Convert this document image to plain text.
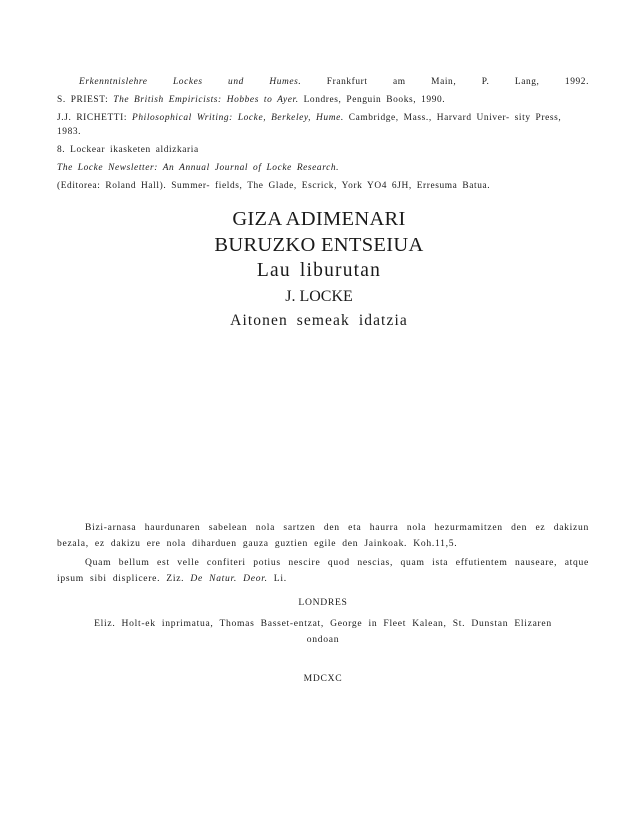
Erkenntnislehre Lockes und Humes.	Frankfurt am Main, P. Lang, 1992.

S. PRIEST: The British Empiricists: Hobbes to Ayer. Londres, Penguin Books, 1990.

J.J. RICHETTI: Philosophical Writing: Locke, Berkeley, Hume. Cambridge, Mass., Harvard Univer- sity Press, 1983.

8. Lockear ikasketen aldizkaria

The Locke Newsletter: An Annual Journal of Locke Research.

(Editorea: Roland Hall). Summer- fields, The Glade, Escrick, York YO4 6JH, Erresuma Batua.

GIZA ADIMENARI
BURUZKO ENTSEIUA
Lau liburutan
J. LOCKE
Aitonen semeak idatzia

Bizi-arnasa haurdunaren sabelean nola sartzen den eta haurra nola hezurmamitzen den ez dakizun bezala, ez dakizu ere nola diharduen gauza guztien egile den Jainkoak. Koh.11,5.

Quam bellum est velle confiteri potius nescire quod nescias, quam ista effutientem nauseare, atque ipsum sibi displicere. Ziz. De Natur. Deor. Li.

LONDRES
Eliz. Holt-ek inprimatua, Thomas Basset-entzat, George in Fleet Kalean, St. Dunstan Elizaren ondoan
MDCXC
